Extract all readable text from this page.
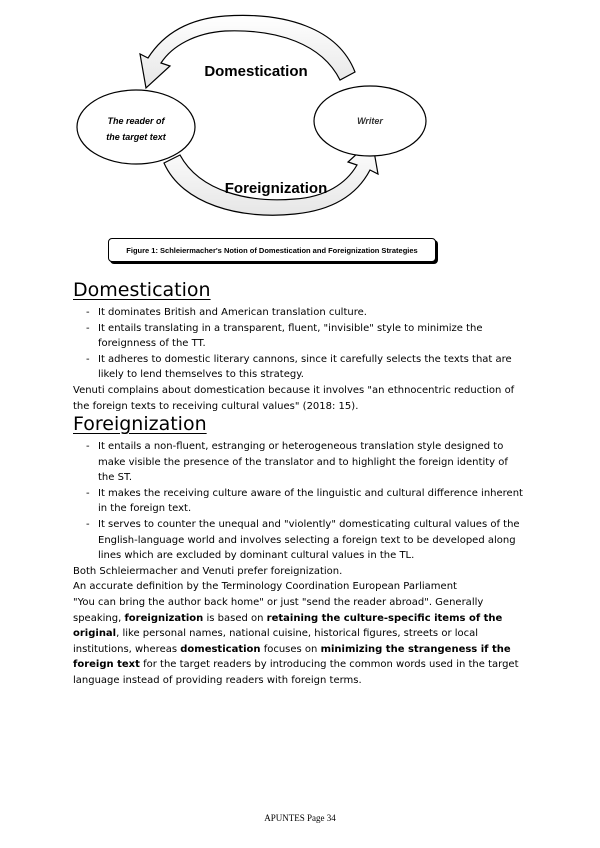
Domestication
Foreignization
The reader of
the target text
Writer
Figure 1: Schleiermacher's Notion of Domestication and Foreignization Strategies
Domestication
- It dominates British and American translation culture.
- It entails translating in a transparent, fluent, "invisible" style to minimize the foreignness of the TT.
- It adheres to domestic literary cannons, since it carefully selects the texts that are likely to lend themselves to this strategy.

Venuti complains about domestication because it involves "an ethnocentric reduction of the foreign texts to receiving cultural values" (2018: 15).

Foreignization
- It entails a non-fluent, estranging or heterogeneous translation style designed to make visible the presence of the translator and to highlight the foreign identity of the ST.
- It makes the receiving culture aware of the linguistic and cultural difference inherent in the foreign text.
- It serves to counter the unequal and "violently" domesticating cultural values of the English-language world and involves selecting a foreign text to be developed along lines which are excluded by dominant cultural values in the TL.

Both Schleiermacher and Venuti prefer foreignization.

An accurate definition by the Terminology Coordination European Parliament

"You can bring the author back home" or just "send the reader abroad". Generally speaking, foreignization is based on retaining the culture-specific items of the original, like personal names, national cuisine, historical figures, streets or local institutions, whereas domestication focuses on minimizing the strangeness if the foreign text for the target readers by introducing the common words used in the target language instead of providing readers with foreign terms.

APUNTES Page 34
